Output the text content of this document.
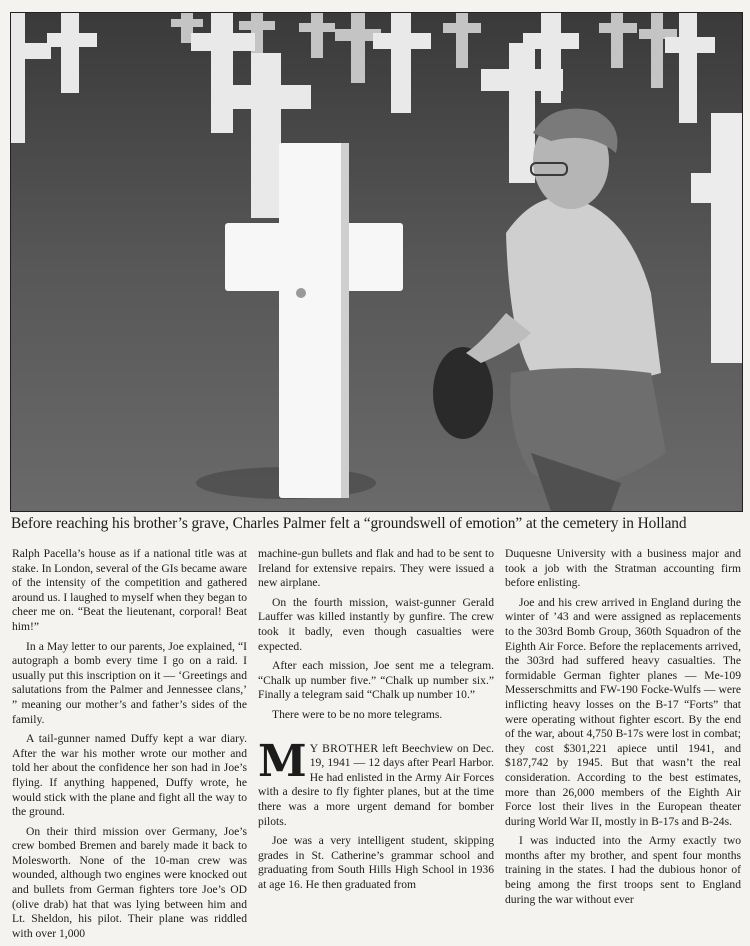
Before reaching his brother’s grave, Charles Palmer felt a “groundswell of emotion” at the cemetery in Holland

Ralph Pacella’s house as if a national title was at stake. In London, several of the GIs became aware of the intensity of the competition and gathered around us. I laughed to myself when they began to cheer me on. “Beat the lieutenant, corporal! Beat him!”

In a May letter to our parents, Joe explained, “I autograph a bomb every time I go on a raid. I usually put this inscription on it — ‘Greetings and salutations from the Palmer and Jennessee clans,’ ” meaning our mother’s and father’s sides of the family.

A tail-gunner named Duffy kept a war diary. After the war his mother wrote our mother and told her about the confidence her son had in Joe’s flying. If anything happened, Duffy wrote, he would stick with the plane and fight all the way to the ground.

On their third mission over Germany, Joe’s crew bombed Bremen and barely made it back to Molesworth. None of the 10-man crew was wounded, although two engines were knocked out and bullets from German fighters tore Joe’s OD (olive drab) hat that was lying between him and Lt. Sheldon, his pilot. Their plane was riddled with over 1,000

machine-gun bullets and flak and had to be sent to Ireland for extensive repairs. They were issued a new airplane.

On the fourth mission, waist-gunner Gerald Lauffer was killed instantly by gunfire. The crew took it badly, even though casualties were expected.

After each mission, Joe sent me a telegram. “Chalk up number five.” “Chalk up number six.” Finally a telegram said “Chalk up number 10.”

There were to be no more telegrams.

M Y BROTHER left Beechview on Dec. 19, 1941 — 12 days after Pearl Harbor. He had enlisted in the Army Air Forces with a desire to fly fighter planes, but at the time there was a more urgent demand for bomber pilots.

Joe was a very intelligent student, skipping grades in St. Catherine’s grammar school and graduating from South Hills High School in 1936 at age 16. He then graduated from

Duquesne University with a business major and took a job with the Stratman accounting firm before enlisting.

Joe and his crew arrived in England during the winter of ’43 and were assigned as replacements to the 303rd Bomb Group, 360th Squadron of the Eighth Air Force. Before the replacements arrived, the 303rd had suffered heavy casualties. The formidable German fighter planes — Me-109 Messerschmitts and FW-190 Focke-Wulfs — were inflicting heavy losses on the B-17 “Forts” that were operating without fighter escort. By the end of the war, about 4,750 B-17s were lost in combat; they cost $301,221 apiece until 1941, and $187,742 by 1945. But that wasn’t the real consideration. According to the best estimates, more than 26,000 members of the Eighth Air Force lost their lives in the European theater during World War II, mostly in B-17s and B-24s.

I was inducted into the Army exactly two months after my brother, and spent four months training in the states. I had the dubious honor of being among the first troops sent to England during the war without ever
